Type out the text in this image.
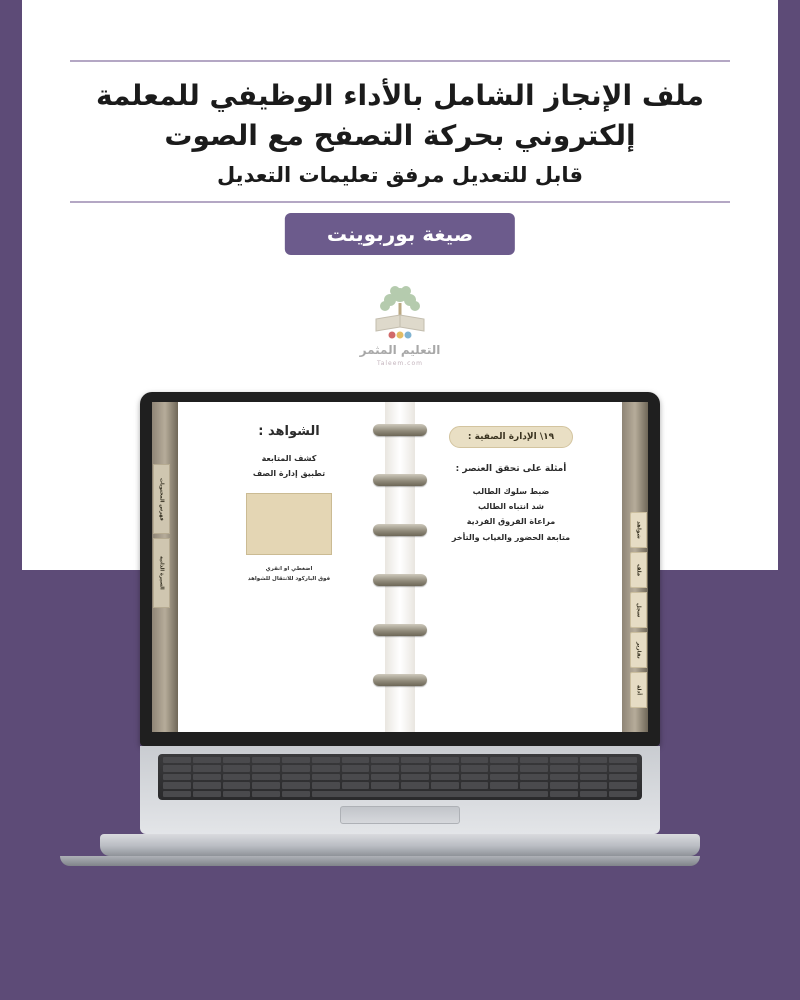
ملف الإنجاز الشامل بالأداء الوظيفي للمعلمة
إلكتروني بحركة التصفح مع الصوت
قابل للتعديل مرفق تعليمات التعديل
صيغة بوربوينت
التعليم المثمر
Taleem.com
١٩\ الإدارة الصفية :
أمثلة على تحقق العنصر :
ضبط سلوك الطالب
شد انتباه الطالب
مراعاة الفروق الفردية
متابعة الحضور والغياب والتأخر
الشواهد :
كشف المتابعة
تطبيق إدارة الصف
اضغطي او انقري
فوق الباركود للانتقال للشواهد
شواهد
ملف
سجل
تقارير
أدلة
فهرس المحتويات
السيرة الذاتية
